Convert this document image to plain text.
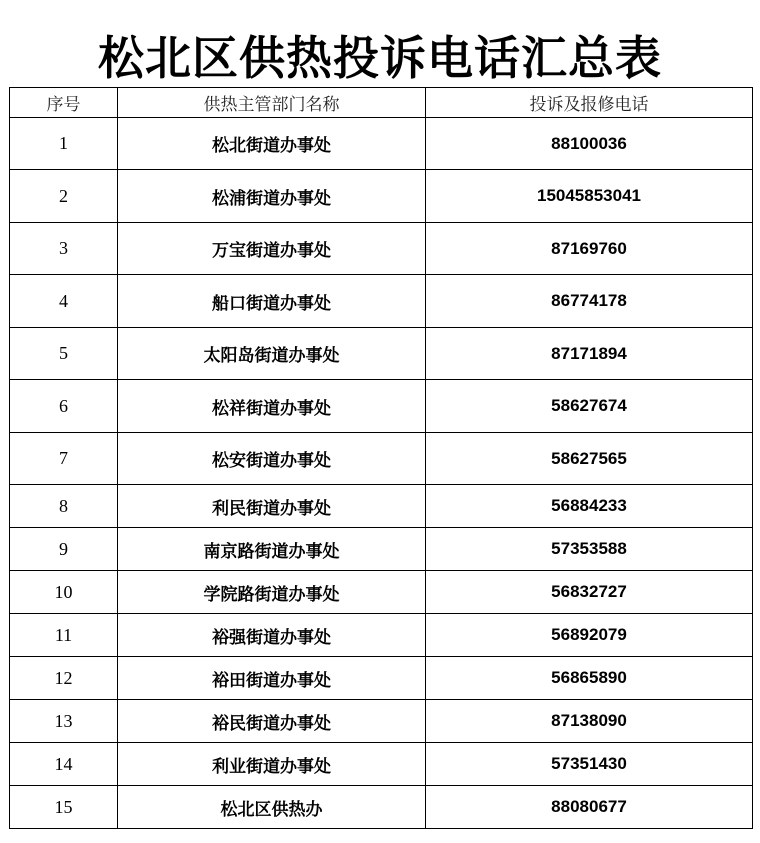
松北区供热投诉电话汇总表
序号	供热主管部门名称	投诉及报修电话
1	松北街道办事处	88100036
2	松浦街道办事处	15045853041
3	万宝街道办事处	87169760
4	船口街道办事处	86774178
5	太阳岛街道办事处	87171894
6	松祥街道办事处	58627674
7	松安街道办事处	58627565
8	利民街道办事处	56884233
9	南京路街道办事处	57353588
10	学院路街道办事处	56832727
11	裕强街道办事处	56892079
12	裕田街道办事处	56865890
13	裕民街道办事处	87138090
14	利业街道办事处	57351430
15	松北区供热办	88080677
